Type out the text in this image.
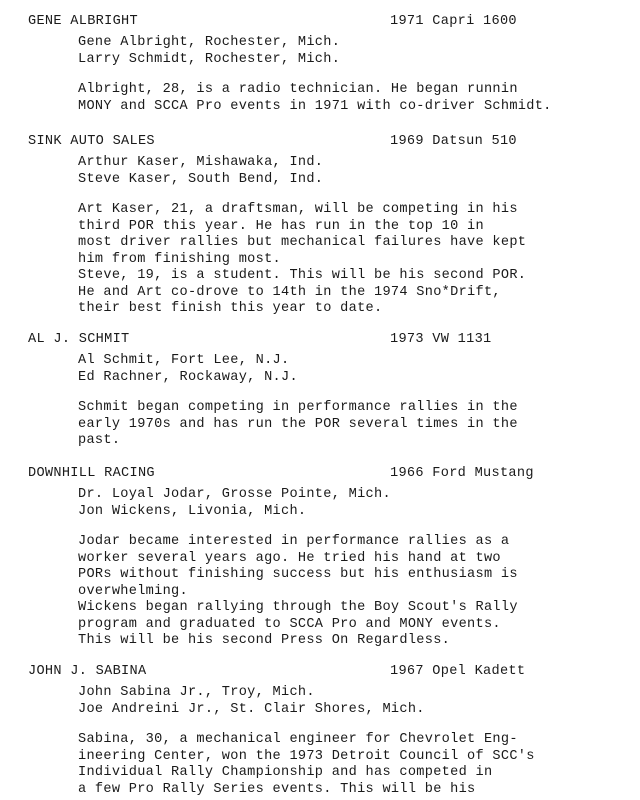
GENE ALBRIGHT	1971 Capri 1600
Gene Albright, Rochester, Mich.
Larry Schmidt, Rochester, Mich.
Albright, 28, is a radio technician. He began runnin
MONY and SCCA Pro events in 1971 with co-driver Schmidt.
SINK AUTO SALES	1969 Datsun 510
Arthur Kaser, Mishawaka, Ind.
Steve Kaser, South Bend, Ind.
Art Kaser, 21, a draftsman, will be competing in his
third POR this year. He has run in the top 10 in
most driver rallies but mechanical failures have kept
him from finishing most.
Steve, 19, is a student. This will be his second POR.
He and Art co-drove to 14th in the 1974 Sno*Drift,
their best finish this year to date.
AL J. SCHMIT	1973 VW 1131
Al Schmit, Fort Lee, N.J.
Ed Rachner, Rockaway, N.J.
Schmit began competing in performance rallies in the
early 1970s and has run the POR several times in the
past.
DOWNHILL RACING	1966 Ford Mustang
Dr. Loyal Jodar, Grosse Pointe, Mich.
Jon Wickens, Livonia, Mich.
Jodar became interested in performance rallies as a
worker several years ago. He tried his hand at two
PORs without finishing success but his enthusiasm is
overwhelming.
Wickens began rallying through the Boy Scout's Rally
program and graduated to SCCA Pro and MONY events.
This will be his second Press On Regardless.
JOHN J. SABINA	1967 Opel Kadett
John Sabina Jr., Troy, Mich.
Joe Andreini Jr., St. Clair Shores, Mich.
Sabina, 30, a mechanical engineer for Chevrolet Eng-
ineering Center, won the 1973 Detroit Council of SCC's
Individual Rally Championship and has competed in
a few Pro Rally Series events. This will be his
